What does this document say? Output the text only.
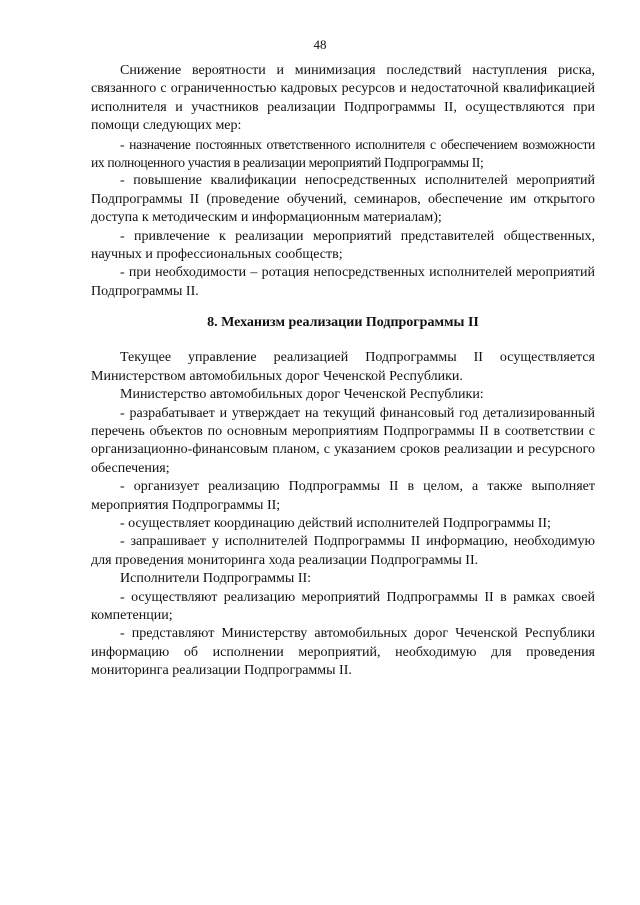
48

Снижение вероятности и минимизация последствий наступления риска, связанного с ограниченностью кадровых ресурсов и недостаточной квалификацией исполнителя и участников реализации Подпрограммы II, осуществляются при помощи следующих мер:

- назначение постоянных ответственного исполнителя с обеспечением возможности их полноценного участия в реализации мероприятий Подпрограммы II;

- повышение квалификации непосредственных исполнителей мероприятий Подпрограммы II (проведение обучений, семинаров, обеспечение им открытого доступа к методическим и информационным материалам);

- привлечение к реализации мероприятий представителей общественных, научных и профессиональных сообществ;

- при необходимости – ротация непосредственных исполнителей мероприятий Подпрограммы II.

8. Механизм реализации Подпрограммы II

Текущее управление реализацией Подпрограммы II осуществляется Министерством автомобильных дорог Чеченской Республики.

Министерство автомобильных дорог Чеченской Республики:

- разрабатывает и утверждает на текущий финансовый год детализированный перечень объектов по основным мероприятиям Подпрограммы II в соответствии с организационно-финансовым планом, с указанием сроков реализации и ресурсного обеспечения;

- организует реализацию Подпрограммы II в целом, а также выполняет мероприятия Подпрограммы II;

- осуществляет координацию действий исполнителей Подпрограммы II;

- запрашивает у исполнителей Подпрограммы II информацию, необходимую для проведения мониторинга хода реализации Подпрограммы II.

Исполнители Подпрограммы II:

- осуществляют реализацию мероприятий Подпрограммы II в рамках своей компетенции;

- представляют Министерству автомобильных дорог Чеченской Республики информацию об исполнении мероприятий, необходимую для проведения мониторинга реализации Подпрограммы II.
